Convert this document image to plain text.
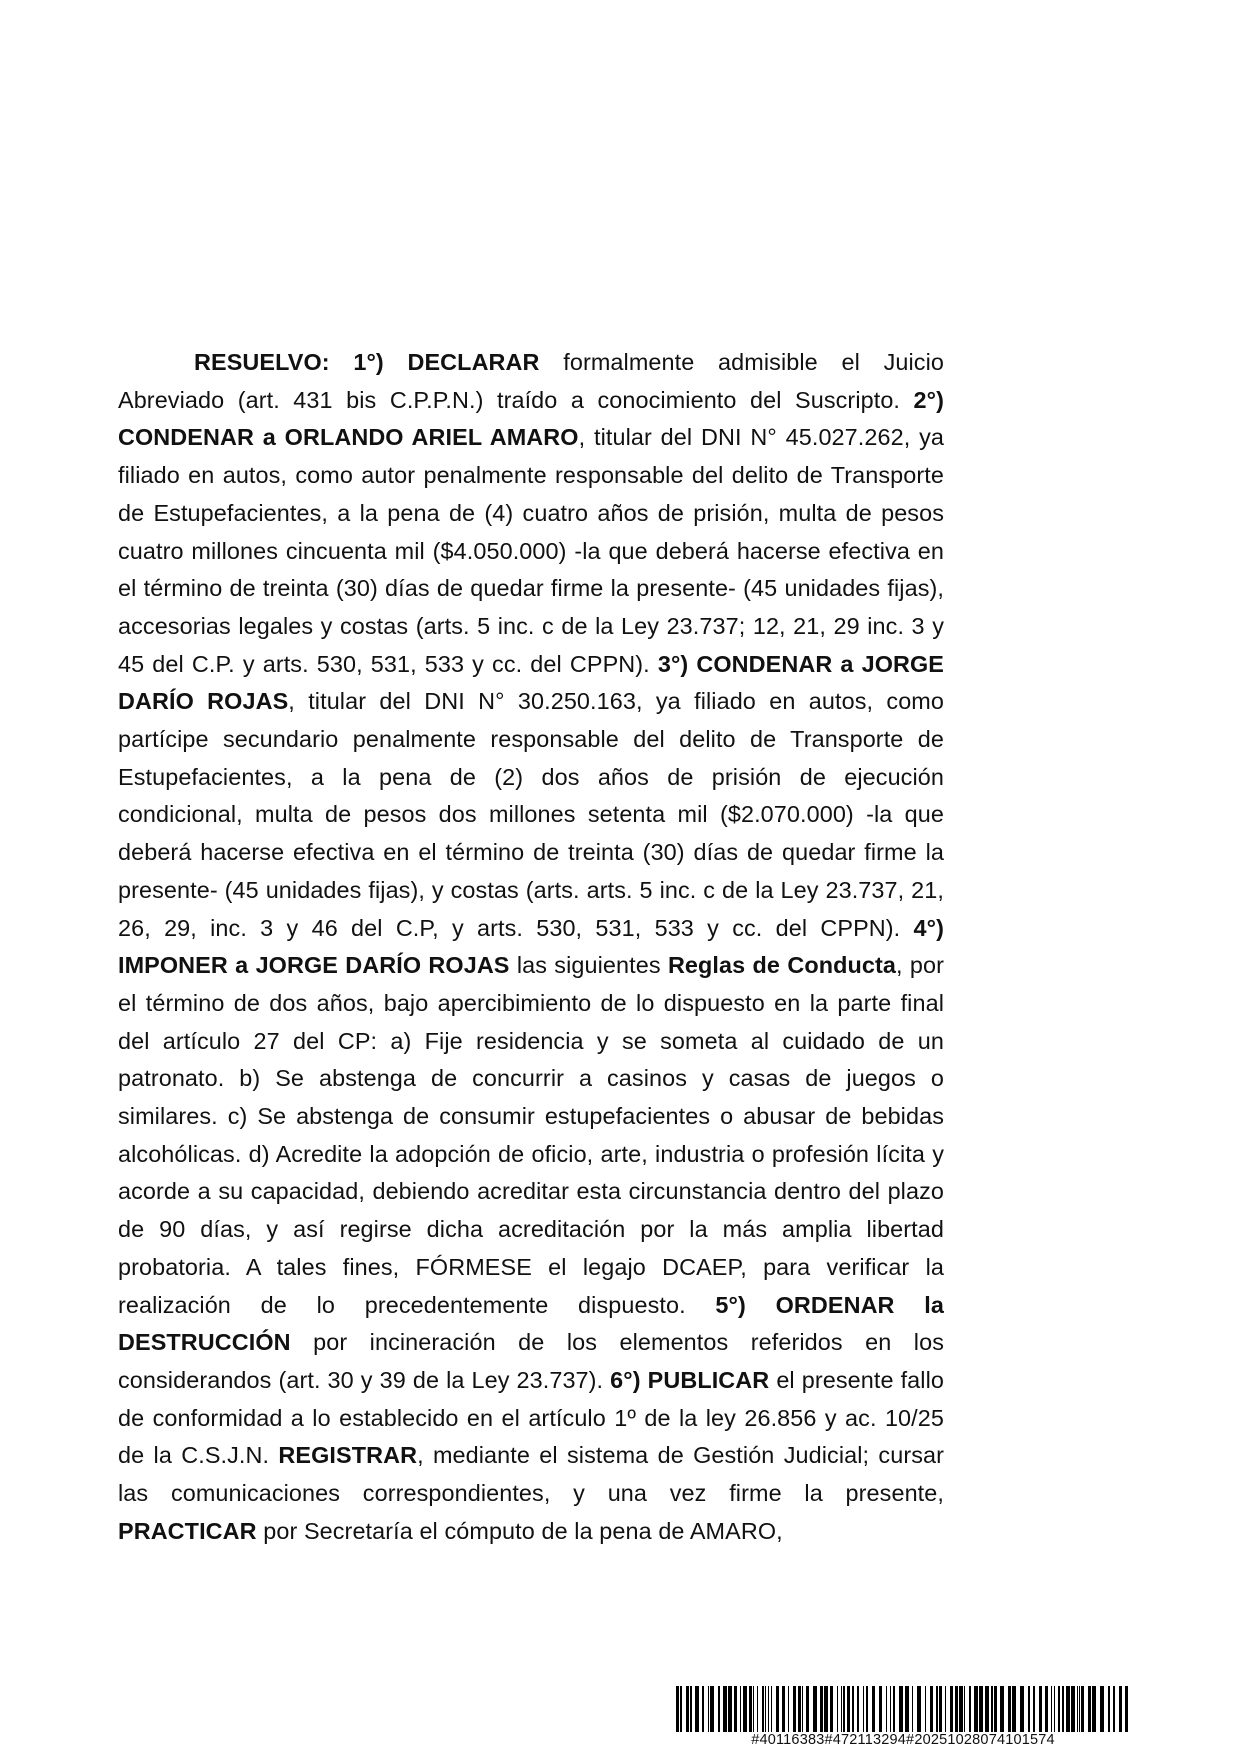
RESUELVO: 1°) DECLARAR formalmente admisible el Juicio Abreviado (art. 431 bis C.P.P.N.) traído a conocimiento del Suscripto. 2°) CONDENAR a ORLANDO ARIEL AMARO, titular del DNI N° 45.027.262, ya filiado en autos, como autor penalmente responsable del delito de Transporte de Estupefacientes, a la pena de (4) cuatro años de prisión, multa de pesos cuatro millones cincuenta mil ($4.050.000) -la que deberá hacerse efectiva en el término de treinta (30) días de quedar firme la presente- (45 unidades fijas), accesorias legales y costas (arts. 5 inc. c de la Ley 23.737; 12, 21, 29 inc. 3 y 45 del C.P. y arts. 530, 531, 533 y cc. del CPPN). 3°) CONDENAR a JORGE DARÍO ROJAS, titular del DNI N° 30.250.163, ya filiado en autos, como partícipe secundario penalmente responsable del delito de Transporte de Estupefacientes, a la pena de (2) dos años de prisión de ejecución condicional, multa de pesos dos millones setenta mil ($2.070.000) -la que deberá hacerse efectiva en el término de treinta (30) días de quedar firme la presente- (45 unidades fijas), y costas (arts. arts. 5 inc. c de la Ley 23.737, 21, 26, 29, inc. 3 y 46 del C.P, y arts. 530, 531, 533 y cc. del CPPN). 4°) IMPONER a JORGE DARÍO ROJAS las siguientes Reglas de Conducta, por el término de dos años, bajo apercibimiento de lo dispuesto en la parte final del artículo 27 del CP: a) Fije residencia y se someta al cuidado de un patronato. b) Se abstenga de concurrir a casinos y casas de juegos o similares. c) Se abstenga de consumir estupefacientes o abusar de bebidas alcohólicas. d) Acredite la adopción de oficio, arte, industria o profesión lícita y acorde a su capacidad, debiendo acreditar esta circunstancia dentro del plazo de 90 días, y así regirse dicha acreditación por la más amplia libertad probatoria. A tales fines, FÓRMESE el legajo DCAEP, para verificar la realización de lo precedentemente dispuesto. 5°) ORDENAR la DESTRUCCIÓN por incineración de los elementos referidos en los considerandos (art. 30 y 39 de la Ley 23.737). 6°) PUBLICAR el presente fallo de conformidad a lo establecido en el artículo 1º de la ley 26.856 y ac. 10/25 de la C.S.J.N. REGISTRAR, mediante el sistema de Gestión Judicial; cursar las comunicaciones correspondientes, y una vez firme la presente, PRACTICAR por Secretaría el cómputo de la pena de AMARO,

#40116383#472113294#20251028074101574
